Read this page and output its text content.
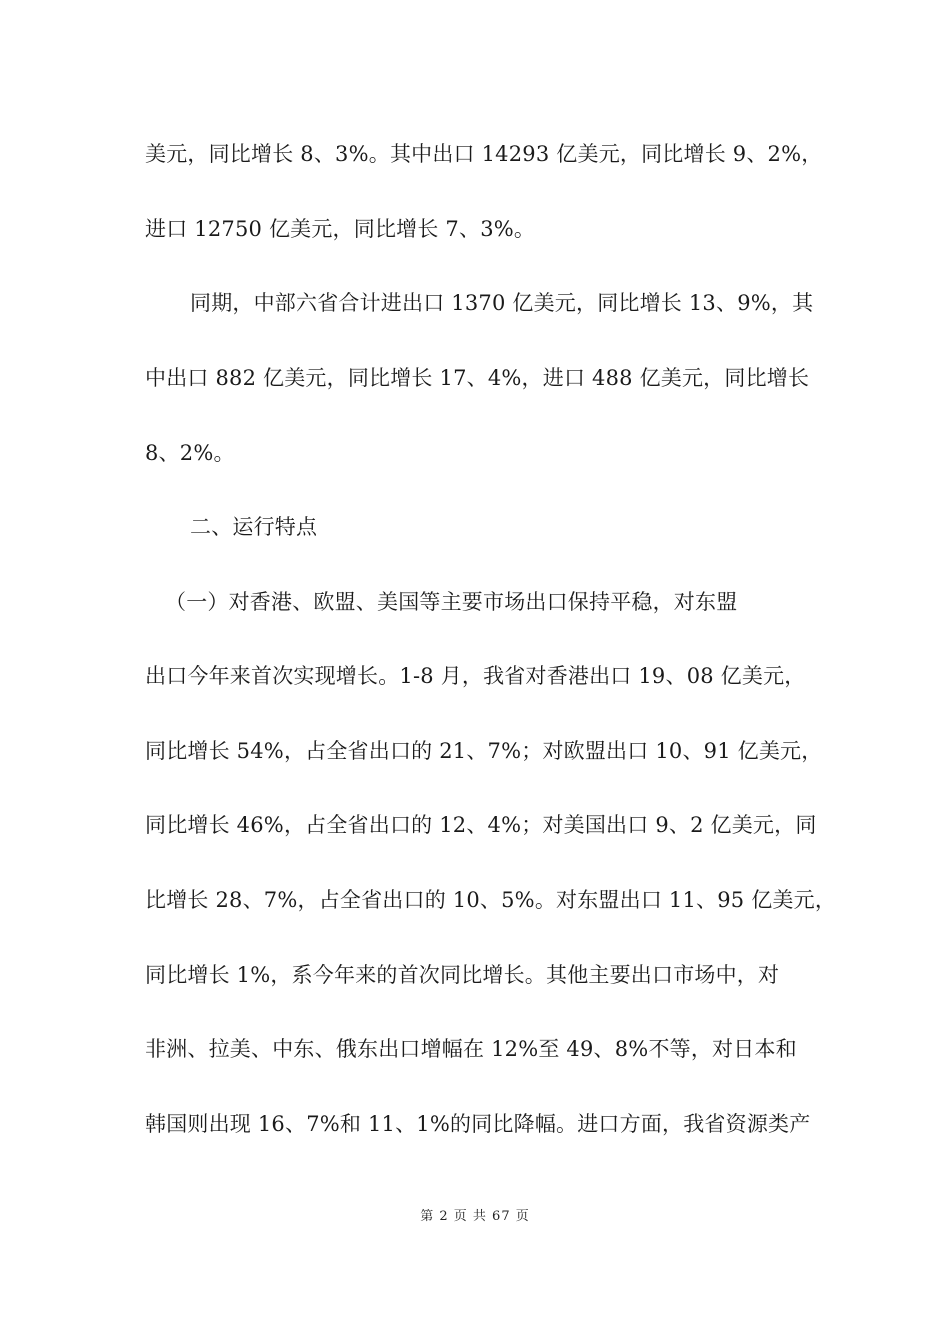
美元，同比增长 8、3%。其中出口 14293 亿美元，同比增长 9、2%，
进口 12750 亿美元，同比增长 7、3%。
同期，中部六省合计进出口 1370 亿美元，同比增长 13、9%，其
中出口 882 亿美元，同比增长 17、4%，进口 488 亿美元，同比增长
8、2%。
二、运行特点
（一）对香港、欧盟、美国等主要市场出口保持平稳，对东盟
出口今年来首次实现增长。1-8 月，我省对香港出口 19、08 亿美元，
同比增长 54%，占全省出口的 21、7%；对欧盟出口 10、91 亿美元，
同比增长 46%，占全省出口的 12、4%；对美国出口 9、2 亿美元，同
比增长 28、7%，占全省出口的 10、5%。对东盟出口 11、95 亿美元，
同比增长 1%，系今年来的首次同比增长。其他主要出口市场中，对
非洲、拉美、中东、俄东出口增幅在 12%至 49、8%不等，对日本和
韩国则出现 16、7%和 11、1%的同比降幅。进口方面，我省资源类产
第 2 页 共 67 页
